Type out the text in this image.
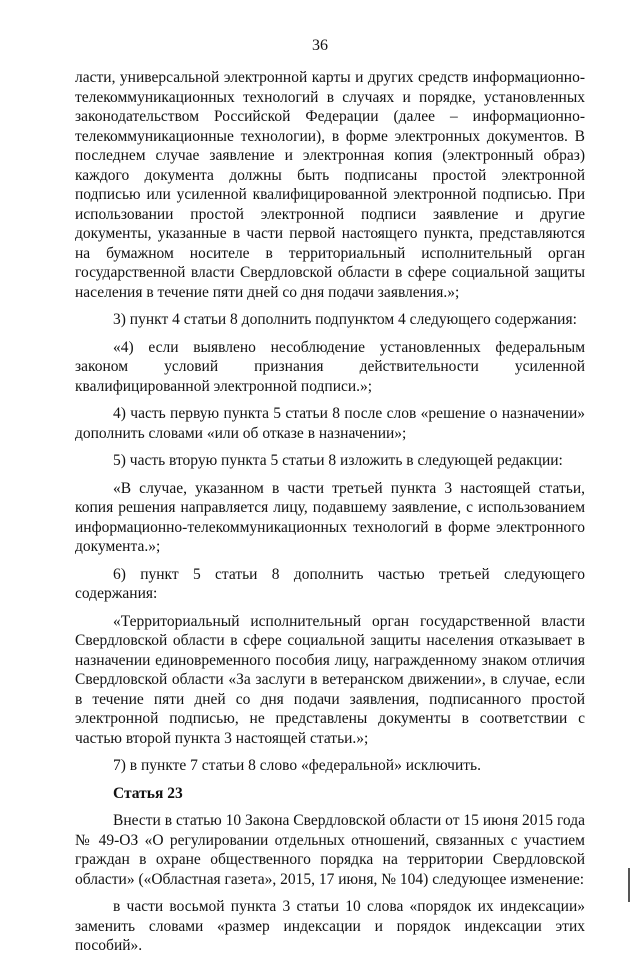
36

ласти, универсальной электронной карты и других средств информационно-телекоммуникационных технологий в случаях и порядке, установленных законодательством Российской Федерации (далее – информационно-телекоммуникационные технологии), в форме электронных документов. В последнем случае заявление и электронная копия (электронный образ) каждого документа должны быть подписаны простой электронной подписью или усиленной квалифицированной электронной подписью. При использовании простой электронной подписи заявление и другие документы, указанные в части первой настоящего пункта, представляются на бумажном носителе в территориальный исполнительный орган государственной власти Свердловской области в сфере социальной защиты населения в течение пяти дней со дня подачи заявления.»;

3) пункт 4 статьи 8 дополнить подпунктом 4 следующего содержания:

«4) если выявлено несоблюдение установленных федеральным законом условий признания действительности усиленной квалифицированной электронной подписи.»;

4) часть первую пункта 5 статьи 8 после слов «решение о назначении» дополнить словами «или об отказе в назначении»;

5) часть вторую пункта 5 статьи 8 изложить в следующей редакции:

«В случае, указанном в части третьей пункта 3 настоящей статьи, копия решения направляется лицу, подавшему заявление, с использованием информационно-телекоммуникационных технологий в форме электронного документа.»;

6) пункт 5 статьи 8 дополнить частью третьей следующего содержания:

«Территориальный исполнительный орган государственной власти Свердловской области в сфере социальной защиты населения отказывает в назначении единовременного пособия лицу, награжденному знаком отличия Свердловской области «За заслуги в ветеранском движении», в случае, если в течение пяти дней со дня подачи заявления, подписанного простой электронной подписью, не представлены документы в соответствии с частью второй пункта 3 настоящей статьи.»;

7) в пункте 7 статьи 8 слово «федеральной» исключить.

Статья 23

Внести в статью 10 Закона Свердловской области от 15 июня 2015 года № 49-ОЗ «О регулировании отдельных отношений, связанных с участием граждан в охране общественного порядка на территории Свердловской области» («Областная газета», 2015, 17 июня, № 104) следующее изменение:

в части восьмой пункта 3 статьи 10 слова «порядок их индексации» заменить словами «размер индексации и порядок индексации этих пособий».
